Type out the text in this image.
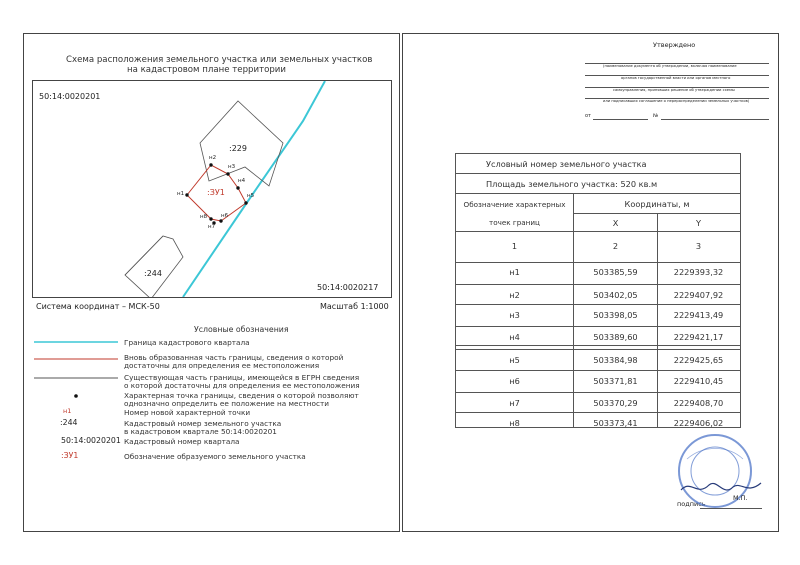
Схема расположения земельного участка или земельных участков
на кадастровом плане территории
50:14:0020201
50:14:0020217
:229
:244
:ЗУ1
н1
н2
н3
н4
н5
н6
н7
н8
Система координат – МСК-50	Масштаб 1:1000
Условные обозначения
Граница кадастрового квартала
Вновь образованная часть границы, сведения о которой
достаточны для определения ее местоположения
Существующая часть границы, имеющейся в ЕГРН сведения
о которой достаточны для определения ее местоположения
Характерная точка границы, сведения о которой позволяют
однозначно определить ее положение на местности
н1	Номер новой характерной точки
:244	Кадастровый номер земельного участка
в кадастровом квартале 50:14:0020201
50:14:0020201 Кадастровый номер квартала
:ЗУ1	Обозначение образуемого земельного участка
Утверждено
(наименование документа об утверждении, включая наименование
органов государственной власти или органов местного
самоуправления, принявших решение об утверждении схемы
или подписавших соглашение о перераспределении земельных участков)
от	№
Условный номер земельного участка
Площадь земельного участка: 520 кв.м
Обозначение характерных
точек границ
Координаты, м
X	Y
1	2	3
н1	503385,59	2229393,32
н2	503402,05	2229407,92
н3	503398,05	2229413,49
н4	503389,60	2229421,17
н5	503384,98	2229425,65
н6	503371,81	2229410,45
н7	503370,29	2229408,70
н8	503373,41	2229406,02
подпись
М.П.
